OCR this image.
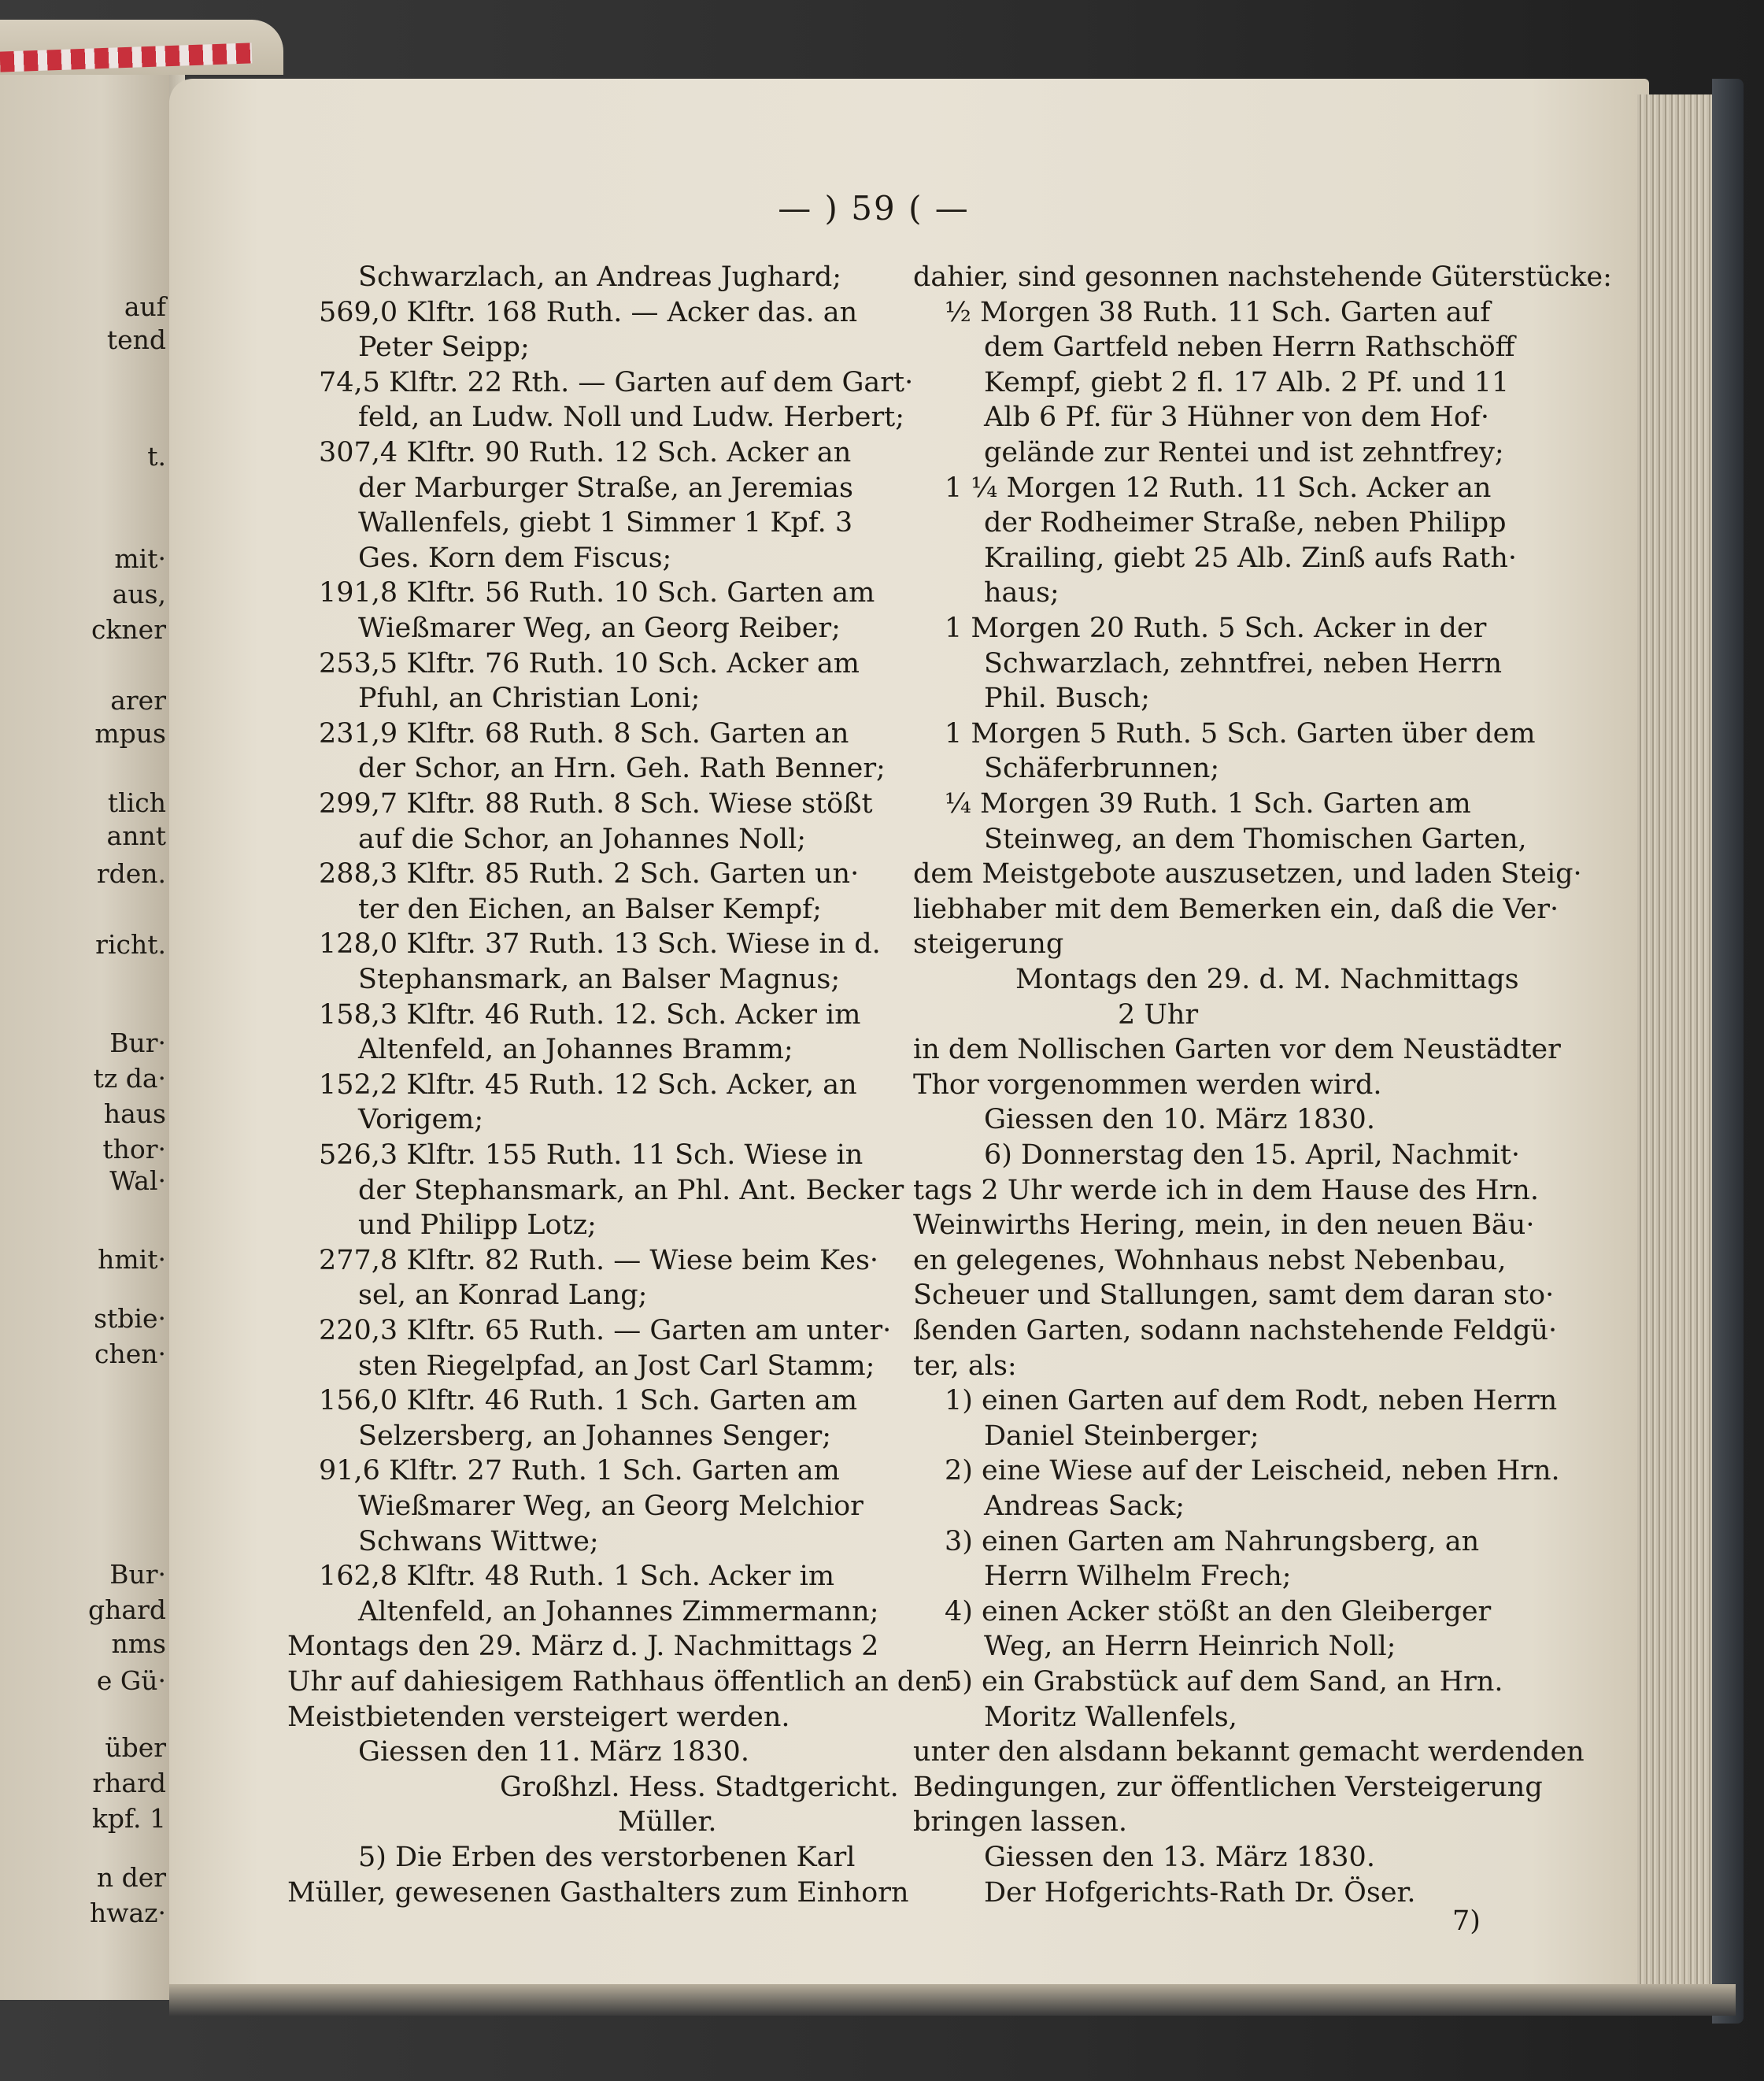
auf
tend
t.
mit·
aus,
ckner
arer
mpus
tlich
annt
rden.
richt.
Bur·
tz da·
haus
thor·
Wal·
hmit·
stbie·
chen·
Bur·
ghard
nms
e Gü·
über
rhard
kpf. 1
n der
hwaz·
— ) 59 ( —
Schwarzlach, an Andreas Jughard;
569,0 Klftr. 168 Ruth. — Acker das. an
Peter Seipp;
74,5 Klftr. 22 Rth. — Garten auf dem Gart·
feld, an Ludw. Noll und Ludw. Herbert;
307,4 Klftr. 90 Ruth. 12 Sch. Acker an
der Marburger Straße, an Jeremias
Wallenfels, giebt 1 Simmer 1 Kpf. 3
Ges. Korn dem Fiscus;
191,8 Klftr. 56 Ruth. 10 Sch. Garten am
Wießmarer Weg, an Georg Reiber;
253,5 Klftr. 76 Ruth. 10 Sch. Acker am
Pfuhl, an Christian Loni;
231,9 Klftr. 68 Ruth. 8 Sch. Garten an
der Schor, an Hrn. Geh. Rath Benner;
299,7 Klftr. 88 Ruth. 8 Sch. Wiese stößt
auf die Schor, an Johannes Noll;
288,3 Klftr. 85 Ruth. 2 Sch. Garten un·
ter den Eichen, an Balser Kempf;
128,0 Klftr. 37 Ruth. 13 Sch. Wiese in d.
Stephansmark, an Balser Magnus;
158,3 Klftr. 46 Ruth. 12. Sch. Acker im
Altenfeld, an Johannes Bramm;
152,2 Klftr. 45 Ruth. 12 Sch. Acker, an
Vorigem;
526,3 Klftr. 155 Ruth. 11 Sch. Wiese in
der Stephansmark, an Phl. Ant. Becker
und Philipp Lotz;
277,8 Klftr. 82 Ruth. — Wiese beim Kes·
sel, an Konrad Lang;
220,3 Klftr. 65 Ruth. — Garten am unter·
sten Riegelpfad, an Jost Carl Stamm;
156,0 Klftr. 46 Ruth. 1 Sch. Garten am
Selzersberg, an Johannes Senger;
91,6 Klftr. 27 Ruth. 1 Sch. Garten am
Wießmarer Weg, an Georg Melchior
Schwans Wittwe;
162,8 Klftr. 48 Ruth. 1 Sch. Acker im
Altenfeld, an Johannes Zimmermann;
Montags den 29. März d. J. Nachmittags 2
Uhr auf dahiesigem Rathhaus öffentlich an den
Meistbietenden versteigert werden.
Giessen den 11. März 1830.
Großhzl. Hess. Stadtgericht.
Müller.
5) Die Erben des verstorbenen Karl
Müller, gewesenen Gasthalters zum Einhorn
dahier, sind gesonnen nachstehende Güterstücke:
½ Morgen 38 Ruth. 11 Sch. Garten auf
dem Gartfeld neben Herrn Rathschöff
Kempf, giebt 2 fl. 17 Alb. 2 Pf. und 11
Alb 6 Pf. für 3 Hühner von dem Hof·
gelände zur Rentei und ist zehntfrey;
1 ¼ Morgen 12 Ruth. 11 Sch. Acker an
der Rodheimer Straße, neben Philipp
Krailing, giebt 25 Alb. Zinß aufs Rath·
haus;
1 Morgen 20 Ruth. 5 Sch. Acker in der
Schwarzlach, zehntfrei, neben Herrn
Phil. Busch;
1 Morgen 5 Ruth. 5 Sch. Garten über dem
Schäferbrunnen;
¼ Morgen 39 Ruth. 1 Sch. Garten am
Steinweg, an dem Thomischen Garten,
dem Meistgebote auszusetzen, und laden Steig·
liebhaber mit dem Bemerken ein, daß die Ver·
steigerung
Montags den 29. d. M. Nachmittags
2 Uhr
in dem Nollischen Garten vor dem Neustädter
Thor vorgenommen werden wird.
Giessen den 10. März 1830.
6) Donnerstag den 15. April, Nachmit·
tags 2 Uhr werde ich in dem Hause des Hrn.
Weinwirths Hering, mein, in den neuen Bäu·
en gelegenes, Wohnhaus nebst Nebenbau,
Scheuer und Stallungen, samt dem daran sto·
ßenden Garten, sodann nachstehende Feldgü·
ter, als:
1) einen Garten auf dem Rodt, neben Herrn
Daniel Steinberger;
2) eine Wiese auf der Leischeid, neben Hrn.
Andreas Sack;
3) einen Garten am Nahrungsberg, an
Herrn Wilhelm Frech;
4) einen Acker stößt an den Gleiberger
Weg, an Herrn Heinrich Noll;
5) ein Grabstück auf dem Sand, an Hrn.
Moritz Wallenfels,
unter den alsdann bekannt gemacht werdenden
Bedingungen, zur öffentlichen Versteigerung
bringen lassen.
Giessen den 13. März 1830.
Der Hofgerichts-Rath Dr. Öser.
7)
